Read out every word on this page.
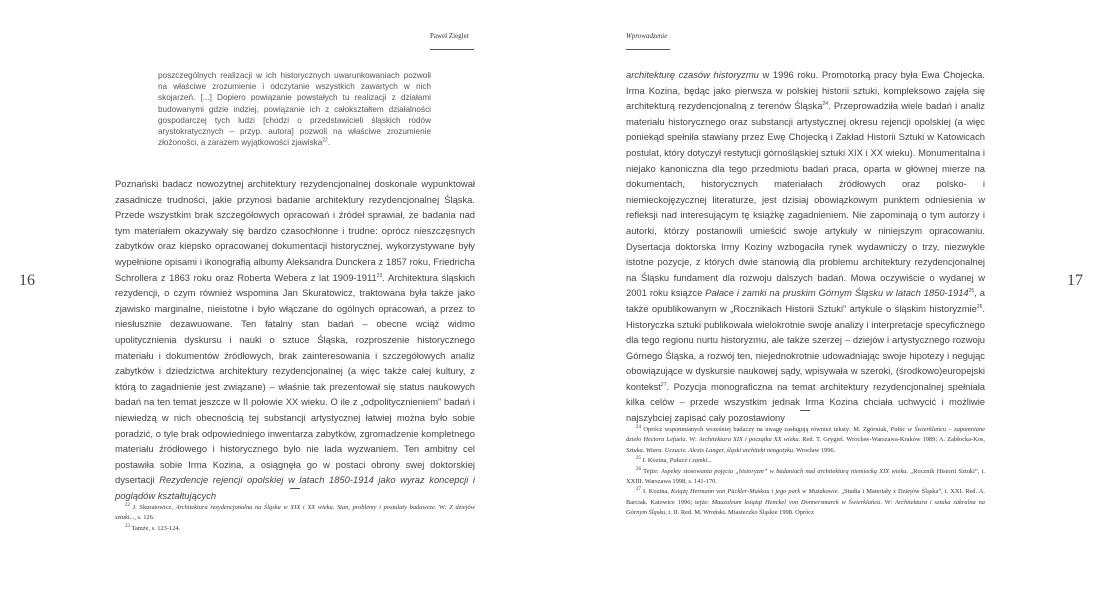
Paweł Ziegler
16
poszczególnych realizacji w ich historycznych uwarunkowaniach pozwoli na właściwe zrozumienie i odczytanie wszystkich zawartych w nich skojarzeń. [...] Dopiero powiązanie powstałych tu realizacji z działami budowanymi gdzie indziej, powiązanie ich z całokształtem działalności gospodarczej tych ludzi [chodzi o przedstawicieli śląskich rodów arystokratycznych – przyp. autora] pozwoli na właściwe zrozumienie złożoności, a zarazem wyjątkowości zjawiska$^{22}$.
Poznański badacz nowożytnej architektury rezydencjonalnej doskonale wypunktował zasadnicze trudności, jakie przynosi badanie architektury rezydencjonalnej Śląska. Przede wszystkim brak szczegółowych opracowań i źródeł sprawiał, że badania nad tym materiałem okazywały się bardzo czasochłonne i trudne: oprócz nieszczęsnych zabytków oraz kiepsko opracowanej dokumentacji historycznej, wykorzystywane były wypełnione opisami i ikonografią albumy Aleksandra Dunckera z 1857 roku, Friedricha Schrollera z 1863 roku oraz Roberta Webera z lat 1909-1911$^{23}$. Architektura śląskich rezydencji, o czym również wspomina Jan Skuratowicz, traktowana była także jako zjawisko marginalne, nieistotne i było włączane do ogólnych opracowań, a przez to niesłusznie dezawuowane. Ten fatalny stan badań – obecne wciąż widmo upolitycznienia dyskursu i nauki o sztuce Śląska, rozproszenie historycznego materiału i dokumentów źródłowych, brak zainteresowania i szczegółowych analiz zabytków i dziedzictwa architektury rezydencjonalnej (a więc także całej kultury, z którą to zagadnienie jest związane) – właśnie tak prezentował się status naukowych badań na ten temat jeszcze w II połowie XX wieku. O ile z „odpolitycznieniem” badań i niewiedzą w nich obecnością tej substancji artystycznej łatwiej można było sobie poradzić, o tyle brak odpowiedniego inwentarza zabytków, zgromadzenie kompletnego materiału źródłowego i historycznego było nie lada wyzwaniem. Ten ambitny cel postawiła sobie Irma Kozina, a osiągnęła go w postaci obrony swej doktorskiej dysertacji Rezydencje rejencji opolskiej w latach 1850-1914 jako wyraz koncepcji i poglądów kształtujących

$^{22}$ J. Skuratowicz, Architektura rezydencjonalna na Śląsku w XIX i XX wieku. Stan, problemy i postulaty badawcze. W: Z dziejów sztuki..., s. 126.

$^{23}$ Tamże, s. 123-124.

Wprowadzenie
17
architekturę czasów historyzmu w 1996 roku. Promotorką pracy była Ewa Chojecka. Irma Kozina, będąc jako pierwsza w polskiej historii sztuki, kompleksowo zajęła się architekturą rezydencjonalną z terenów Śląska$^{24}$. Przeprowadziła wiele badań i analiz materiału historycznego oraz substancji artystycznej okresu rejencji opolskiej (a więc poniekąd spełniła stawiany przez Ewę Chojecką i Zakład Historii Sztuki w Katowicach postulat, który dotyczył restytucji górnośląskiej sztuki XIX i XX wieku). Monumentalna i niejako kanoniczna dla tego przedmiotu badań praca, oparta w głównej mierze na dokumentach, historycznych materiałach źródłowych oraz polsko- i niemieckojęzycznej literaturze, jest dzisiaj obowiązkowym punktem odniesienia w refleksji nad interesującym tę książkę zagadnieniem. Nie zapominają o tym autorzy i autorki, którzy postanowili umieścić swoje artykuły w niniejszym opracowaniu. Dysertacja doktorska Irmy Koziny wzbogaciła rynek wydawniczy o trzy, niezwykle istotne pozycje, z których dwie stanowią dla problemu architektury rezydencjonalnej na Śląsku fundament dla rozwoju dalszych badań. Mowa oczywiście o wydanej w 2001 roku książce Pałace i zamki na pruskim Górnym Śląsku w latach 1850-1914$^{25}$, a także opublikowanym w „Rocznikach Historii Sztuki” artykule o śląskim historyzmie$^{26}$. Historyczka sztuki publikowała wielokrotnie swoje analizy i interpretacje specyficznego dla tego regionu nurtu historyzmu, ale także szerzej – dziejów i artystycznego rozwoju Górnego Śląska, a rozwój ten, niejednokrotnie udowadniając swoje hipotezy i negując obowiązujące w dyskursie naukowej sądy, wpisywała w szeroki, (środkowo)europejski kontekst$^{27}$. Pozycja monograficzna na temat architektury rezydencjonalnej spełniała kilka celów – przede wszystkim jednak Irma Kozina chciała uchwycić i możliwie najszybciej zapisać cały pozostawiony

$^{24}$ Oprócz wspomnianych wcześniej badaczy na uwagę zasługują również teksty: M. Zgórniak, Pałac w Świerklańcu – zapomniane dzieło Hectora Lefuela. W: Architektura XIX i początku XX wieku. Red. T. Grygiel. Wrocław-Warszawa-Kraków 1989; A. Zabłocka-Kos, Sztuka. Wiara. Uczucie. Alexis Langer, śląski architekt neogotyku. Wrocław 1996.

$^{25}$ I. Kozina, Pałace i zamki...

$^{26}$ Tejże: Aspekty stosowania pojęcia „historyzm” w badaniach nad architekturą niemiecką XIX wieku. „Rocznik Historii Sztuki”, t. XXIII. Warszawa 1998, s. 141-170.

$^{27}$ I. Kozina, Książę Hermann von Pückler-Muskau i jego park w Mużakowie. „Studia i Materiały z Dziejów Śląska”, t. XXI. Red. A. Barciak. Katowice 1996; tejże: Mauzoleum książąt Henckel von Donnersmarck w Świerklańcu. W: Architektura i sztuka sakralna na Górnym Śląsku, t. II. Red. M. Wroński. Miasteczko Śląskie 1998. Oprócz
